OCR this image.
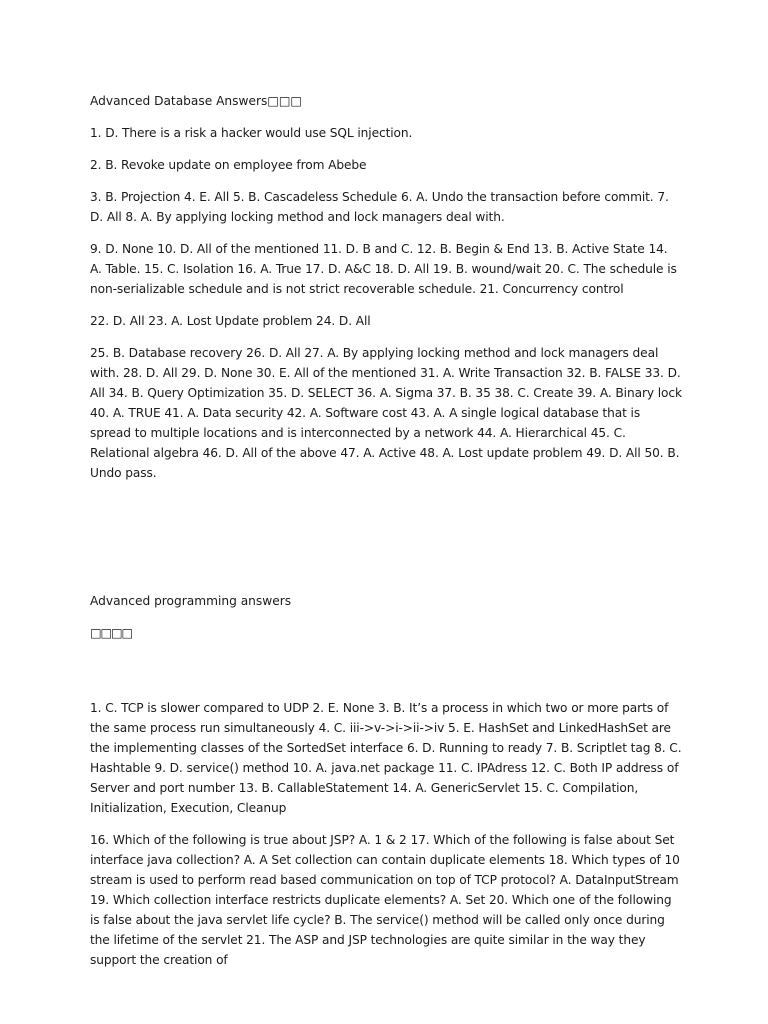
Advanced Database Answers□□□

1. D. There is a risk a hacker would use SQL injection.

2. B. Revoke update on employee from Abebe

3. B. Projection 4. E. All 5. B. Cascadeless Schedule 6. A. Undo the transaction before commit. 7. D. All 8. A. By applying locking method and lock managers deal with.

9. D. None 10. D. All of the mentioned 11. D. B and C. 12. B. Begin & End 13. B. Active State 14. A. Table. 15. C. Isolation 16. A. True 17. D. A&C 18. D. All 19. B. wound/wait 20. C. The schedule is non-serializable schedule and is not strict recoverable schedule. 21. Concurrency control

22. D. All 23. A. Lost Update problem 24. D. All

25. B. Database recovery 26. D. All 27. A. By applying locking method and lock managers deal with. 28. D. All 29. D. None 30. E. All of the mentioned 31. A. Write Transaction 32. B. FALSE 33. D. All 34. B. Query Optimization 35. D. SELECT 36. A. Sigma 37. B. 35 38. C. Create 39. A. Binary lock 40. A. TRUE 41. A. Data security 42. A. Software cost 43. A. A single logical database that is spread to multiple locations and is interconnected by a network 44. A. Hierarchical 45. C. Relational algebra 46. D. All of the above 47. A. Active 48. A. Lost update problem 49. D. All 50. B. Undo pass.

Advanced programming answers

□□□□

1. C. TCP is slower compared to UDP 2. E. None 3. B. It’s a process in which two or more parts of the same process run simultaneously 4. C. iii->v->i->ii->iv 5. E. HashSet and LinkedHashSet are the implementing classes of the SortedSet interface 6. D. Running to ready 7. B. Scriptlet tag 8. C. Hashtable 9. D. service() method 10. A. java.net package 11. C. IPAdress 12. C. Both IP address of Server and port number 13. B. CallableStatement 14. A. GenericServlet 15. C. Compilation, Initialization, Execution, Cleanup

16. Which of the following is true about JSP? A. 1 & 2 17. Which of the following is false about Set interface java collection? A. A Set collection can contain duplicate elements 18. Which types of 10 stream is used to perform read based communication on top of TCP protocol? A. DataInputStream 19. Which collection interface restricts duplicate elements? A. Set 20. Which one of the following is false about the java servlet life cycle? B. The service() method will be called only once during the lifetime of the servlet 21. The ASP and JSP technologies are quite similar in the way they support the creation of
